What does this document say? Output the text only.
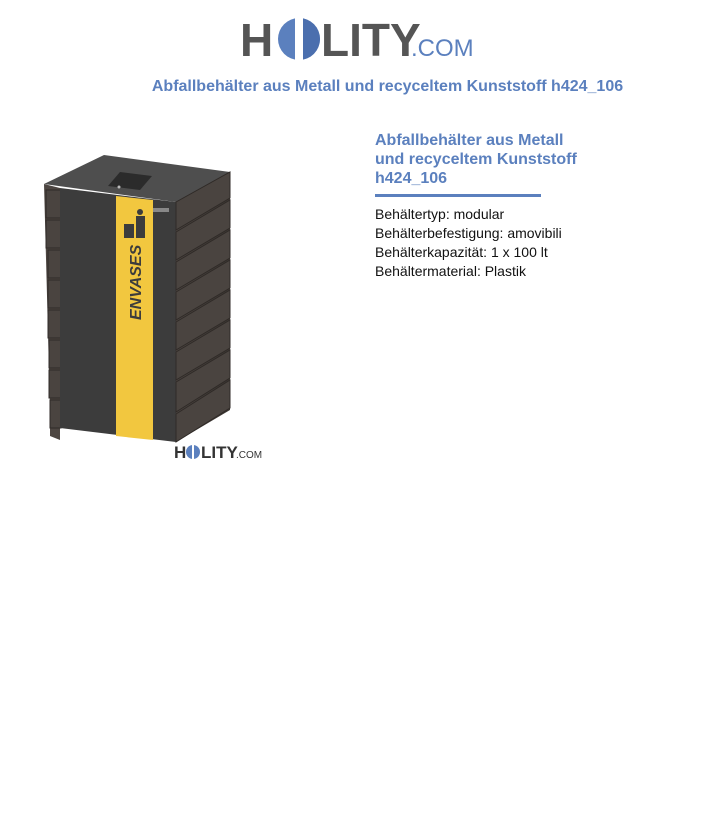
H LITY
.COM
Abfallbehälter aus Metall und recyceltem Kunststoff h424_106
ENVASES
H LITY
.COM
Abfallbehälter aus Metall
und recyceltem Kunststoff
h424_106
Behältertyp: modular
Behälterbefestigung: amovibili
Behälterkapazität: 1 x 100 lt
Behältermaterial: Plastik
